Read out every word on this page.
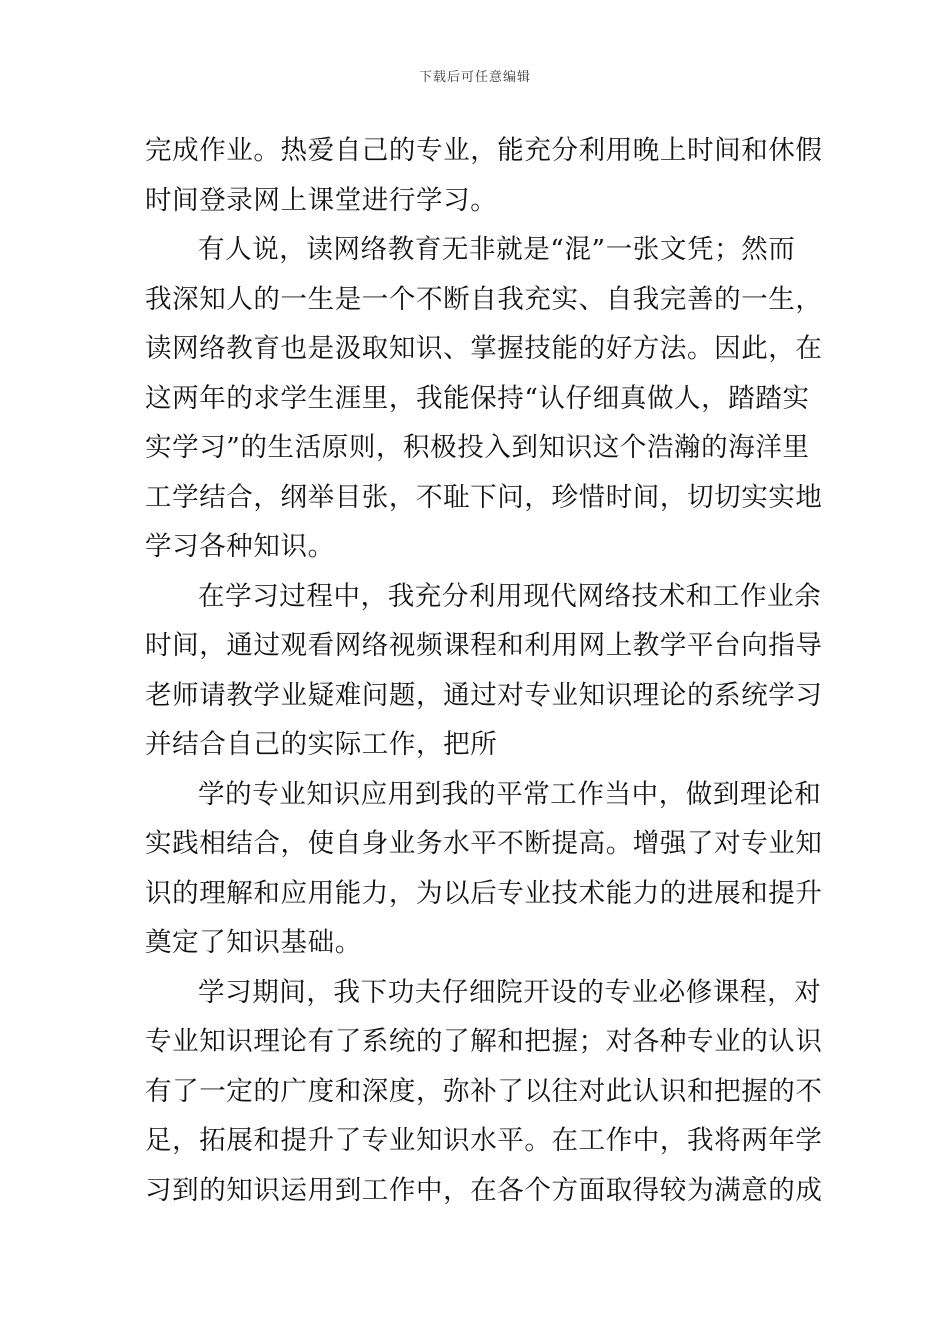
下载后可任意编辑
完成作业。热爱自己的专业，能充分利用晚上时间和休假
时间登录网上课堂进行学习。
有人说，读网络教育无非就是“混”一张文凭；然而
我深知人的一生是一个不断自我充实、自我完善的一生，
读网络教育也是汲取知识、掌握技能的好方法。因此，在
这两年的求学生涯里，我能保持“认仔细真做人，踏踏实
实学习”的生活原则，积极投入到知识这个浩瀚的海洋里
工学结合，纲举目张，不耻下问，珍惜时间，切切实实地
学习各种知识。
在学习过程中，我充分利用现代网络技术和工作业余
时间，通过观看网络视频课程和利用网上教学平台向指导
老师请教学业疑难问题，通过对专业知识理论的系统学习
并结合自己的实际工作，把所
学的专业知识应用到我的平常工作当中，做到理论和
实践相结合，使自身业务水平不断提高。增强了对专业知
识的理解和应用能力，为以后专业技术能力的进展和提升
奠定了知识基础。
学习期间，我下功夫仔细院开设的专业必修课程，对
专业知识理论有了系统的了解和把握；对各种专业的认识
有了一定的广度和深度，弥补了以往对此认识和把握的不
足，拓展和提升了专业知识水平。在工作中，我将两年学
习到的知识运用到工作中，在各个方面取得较为满意的成
